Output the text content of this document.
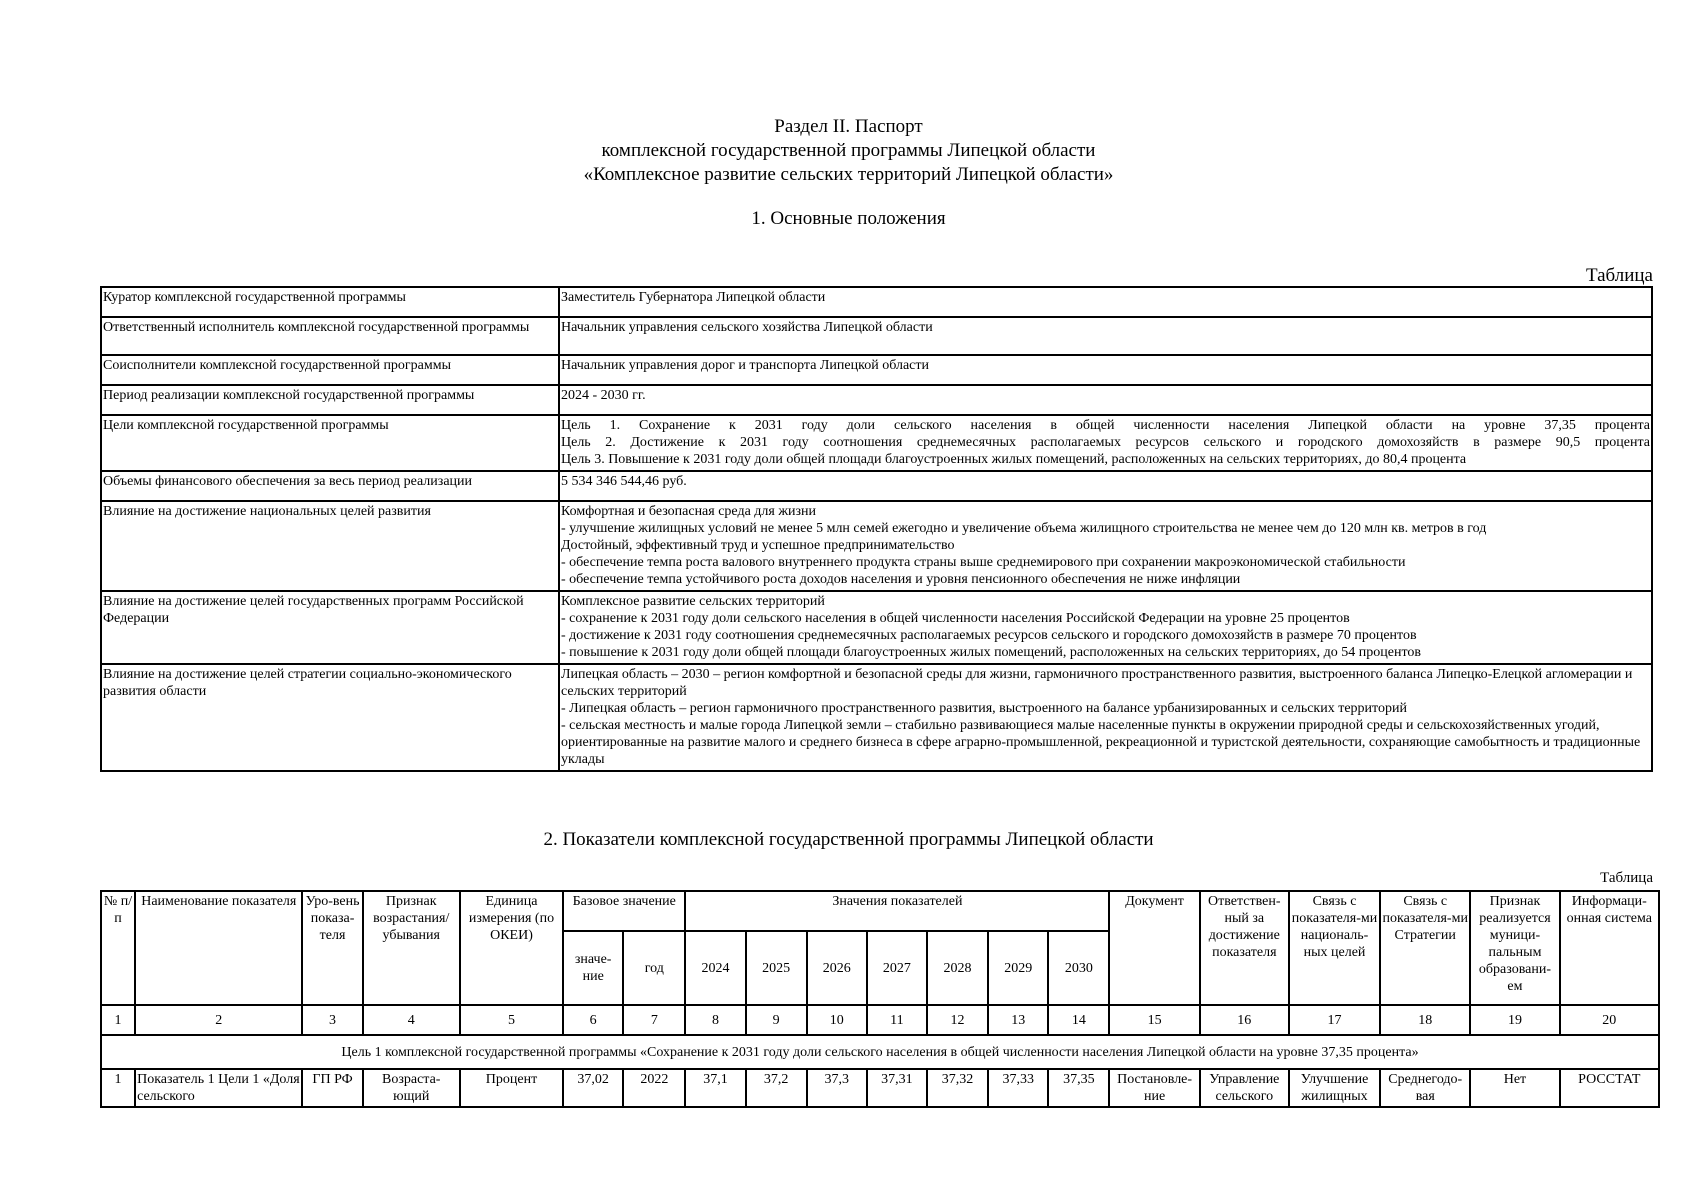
Раздел II. Паспорт
комплексной государственной программы Липецкой области
«Комплексное развитие сельских территорий Липецкой области»
1. Основные положения
Таблица
Куратор комплексной государственной программы	Заместитель Губернатора Липецкой области

Ответственный исполнитель комплексной государственной программы	Начальник управления сельского хозяйства Липецкой области

Соисполнители комплексной государственной программы	Начальник управления дорог и транспорта Липецкой области

Период реализации комплексной государственной программы	2024 - 2030 гг.

Цели комплексной государственной программы	Цель 1. Сохранение к 2031 году доли сельского населения в общей численности населения Липецкой области на уровне 37,35 процента
Цель 2. Достижение к 2031 году соотношения среднемесячных располагаемых ресурсов сельского и городского домохозяйств в размере 90,5 процента
Цель 3. Повышение к 2031 году доли общей площади благоустроенных жилых помещений, расположенных на сельских территориях, до 80,4 процента

Объемы финансового обеспечения за весь период реализации	5 534 346 544,46 руб.

Влияние на достижение национальных целей развития	Комфортная и безопасная среда для жизни
- улучшение жилищных условий не менее 5 млн семей ежегодно и увеличение объема жилищного строительства не менее чем до 120 млн кв. метров в год
Достойный, эффективный труд и успешное предпринимательство
- обеспечение темпа роста валового внутреннего продукта страны выше среднемирового при сохранении макроэкономической стабильности
- обеспечение темпа устойчивого роста доходов населения и уровня пенсионного обеспечения не ниже инфляции

Влияние на достижение целей государственных программ Российской Федерации	Комплексное развитие сельских территорий
- сохранение к 2031 году доли сельского населения в общей численности населения Российской Федерации на уровне 25 процентов
- достижение к 2031 году соотношения среднемесячных располагаемых ресурсов сельского и городского домохозяйств в размере 70 процентов
- повышение к 2031 году доли общей площади благоустроенных жилых помещений, расположенных на сельских территориях, до 54 процентов

Влияние на достижение целей стратегии социально-экономического развития области	Липецкая область – 2030 – регион комфортной и безопасной среды для жизни, гармоничного пространственного развития, выстроенного баланса Липецко-Елецкой агломерации и сельских территорий
- Липецкая область – регион гармоничного пространственного развития, выстроенного на балансе урбанизированных и сельских территорий
- сельская местность и малые города Липецкой земли – стабильно развивающиеся малые населенные пункты в окружении природной среды и сельскохозяйственных угодий, ориентированные на развитие малого и среднего бизнеса в сфере аграрно-промышленной, рекреационной и туристской деятельности, сохраняющие самобытность и традиционные уклады
2. Показатели комплексной государственной программы Липецкой области
Таблица
№ п/п	Наименование показателя	Уро-вень показа-теля	Признак возрастания/ убывания	Единица измерения (по ОКЕИ)	Базовое значение		Значения показателей							Документ	Ответствен-ный за достижение показателя	Связь с показателя-ми националь-ных целей	Связь с показателя-ми Стратегии	Признак реализуется муници-пальным образовани-ем	Информаци-онная система
					значе-ние	год	2024	2025	2026	2027	2028	2029	2030						
1	2	3	4	5	6	7	8	9	10	11	12	13	14	15	16	17	18	19	20
Цель 1 комплексной государственной программы «Сохранение к 2031 году доли сельского населения в общей численности населения Липецкой области на уровне 37,35 процента»																			
1	Показатель 1 Цели 1 «Доля сельского	ГП РФ	Возраста-ющий	Процент	37,02	2022	37,1	37,2	37,3	37,31	37,32	37,33	37,35	Постановле-ние	Управление сельского	Улучшение жилищных	Среднегодо-вая	Нет	РОССТАТ
